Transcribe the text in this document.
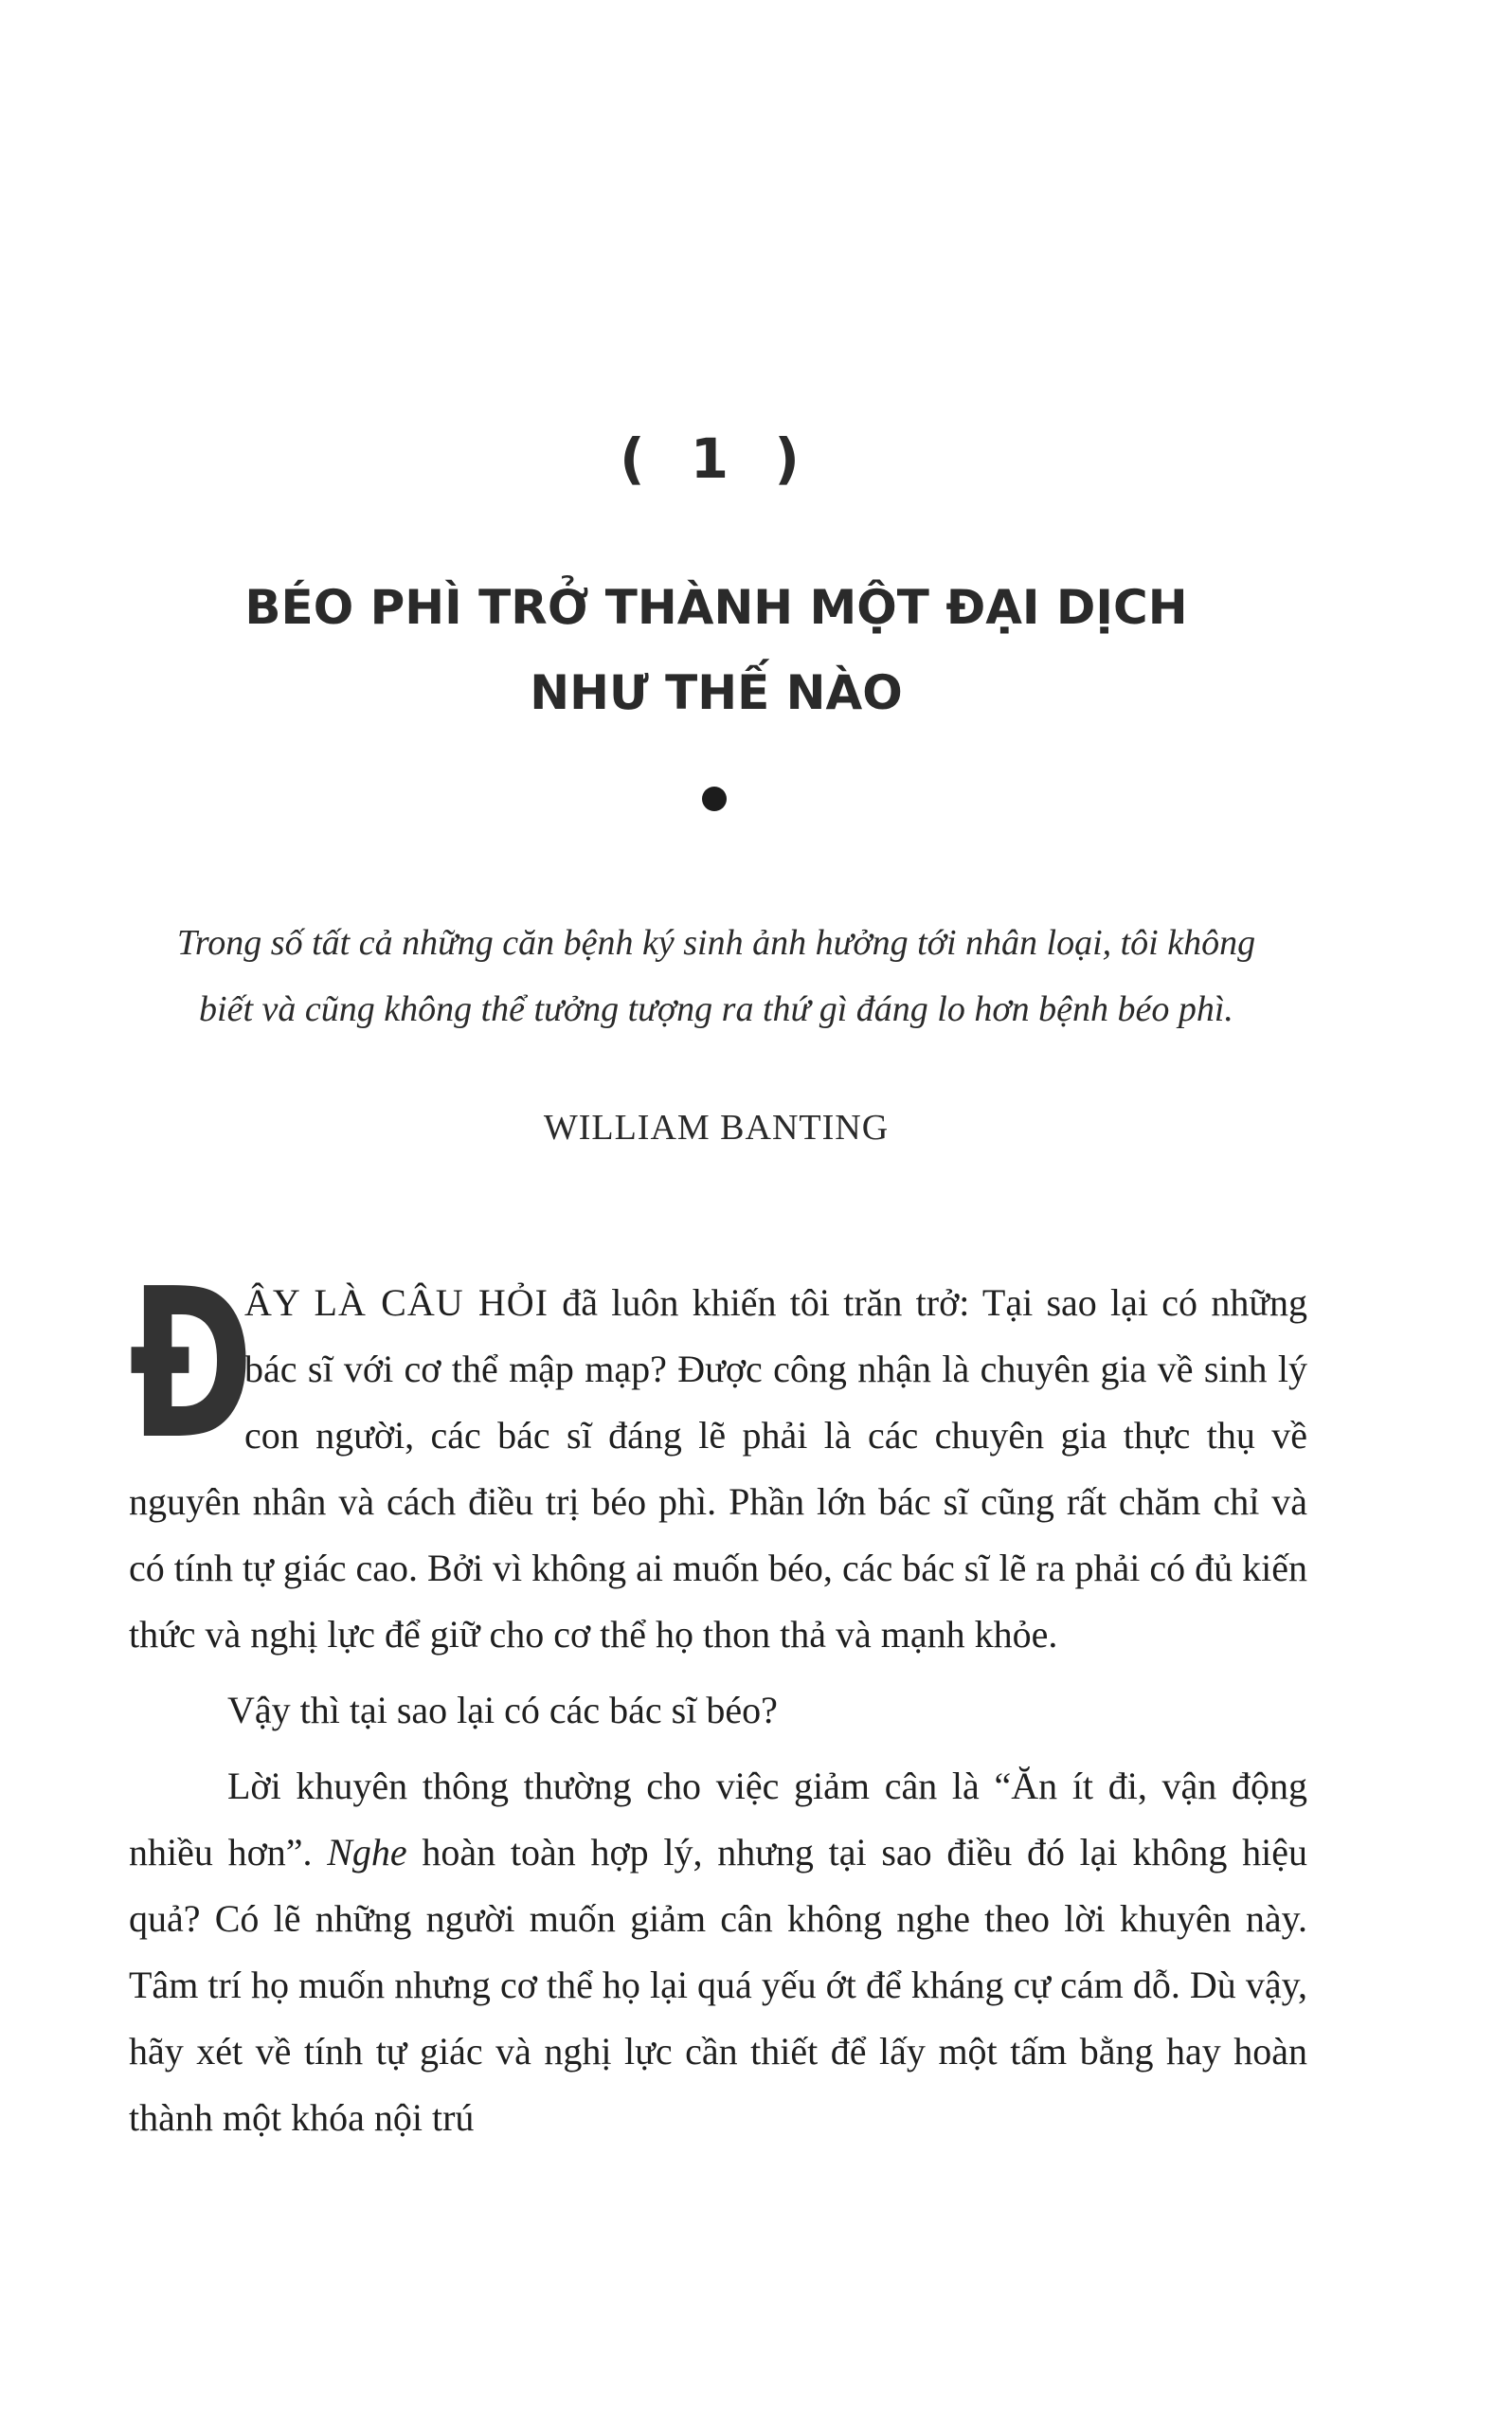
( 1 )
BÉO PHÌ TRỞ THÀNH MỘT ĐẠI DỊCH
NHƯ THẾ NÀO
Trong số tất cả những căn bệnh ký sinh ảnh hưởng tới nhân loại, tôi không biết và cũng không thể tưởng tượng ra thứ gì đáng lo hơn bệnh béo phì.
WILLIAM BANTING

Đ
ÂY LÀ CÂU HỎI đã luôn khiến tôi trăn trở: Tại sao lại có những bác sĩ với cơ thể mập mạp? Được công nhận là chuyên gia về sinh lý con người, các bác sĩ đáng lẽ phải là các chuyên gia thực thụ về nguyên nhân và cách điều trị béo phì. Phần lớn bác sĩ cũng rất chăm chỉ và có tính tự giác cao. Bởi vì không ai muốn béo, các bác sĩ lẽ ra phải có đủ kiến thức và nghị lực để giữ cho cơ thể họ thon thả và mạnh khỏe.

Vậy thì tại sao lại có các bác sĩ béo?

Lời khuyên thông thường cho việc giảm cân là “Ăn ít đi, vận động nhiều hơn”. Nghe hoàn toàn hợp lý, nhưng tại sao điều đó lại không hiệu quả? Có lẽ những người muốn giảm cân không nghe theo lời khuyên này. Tâm trí họ muốn nhưng cơ thể họ lại quá yếu ớt để kháng cự cám dỗ. Dù vậy, hãy xét về tính tự giác và nghị lực cần thiết để lấy một tấm bằng hay hoàn thành một khóa nội trú
